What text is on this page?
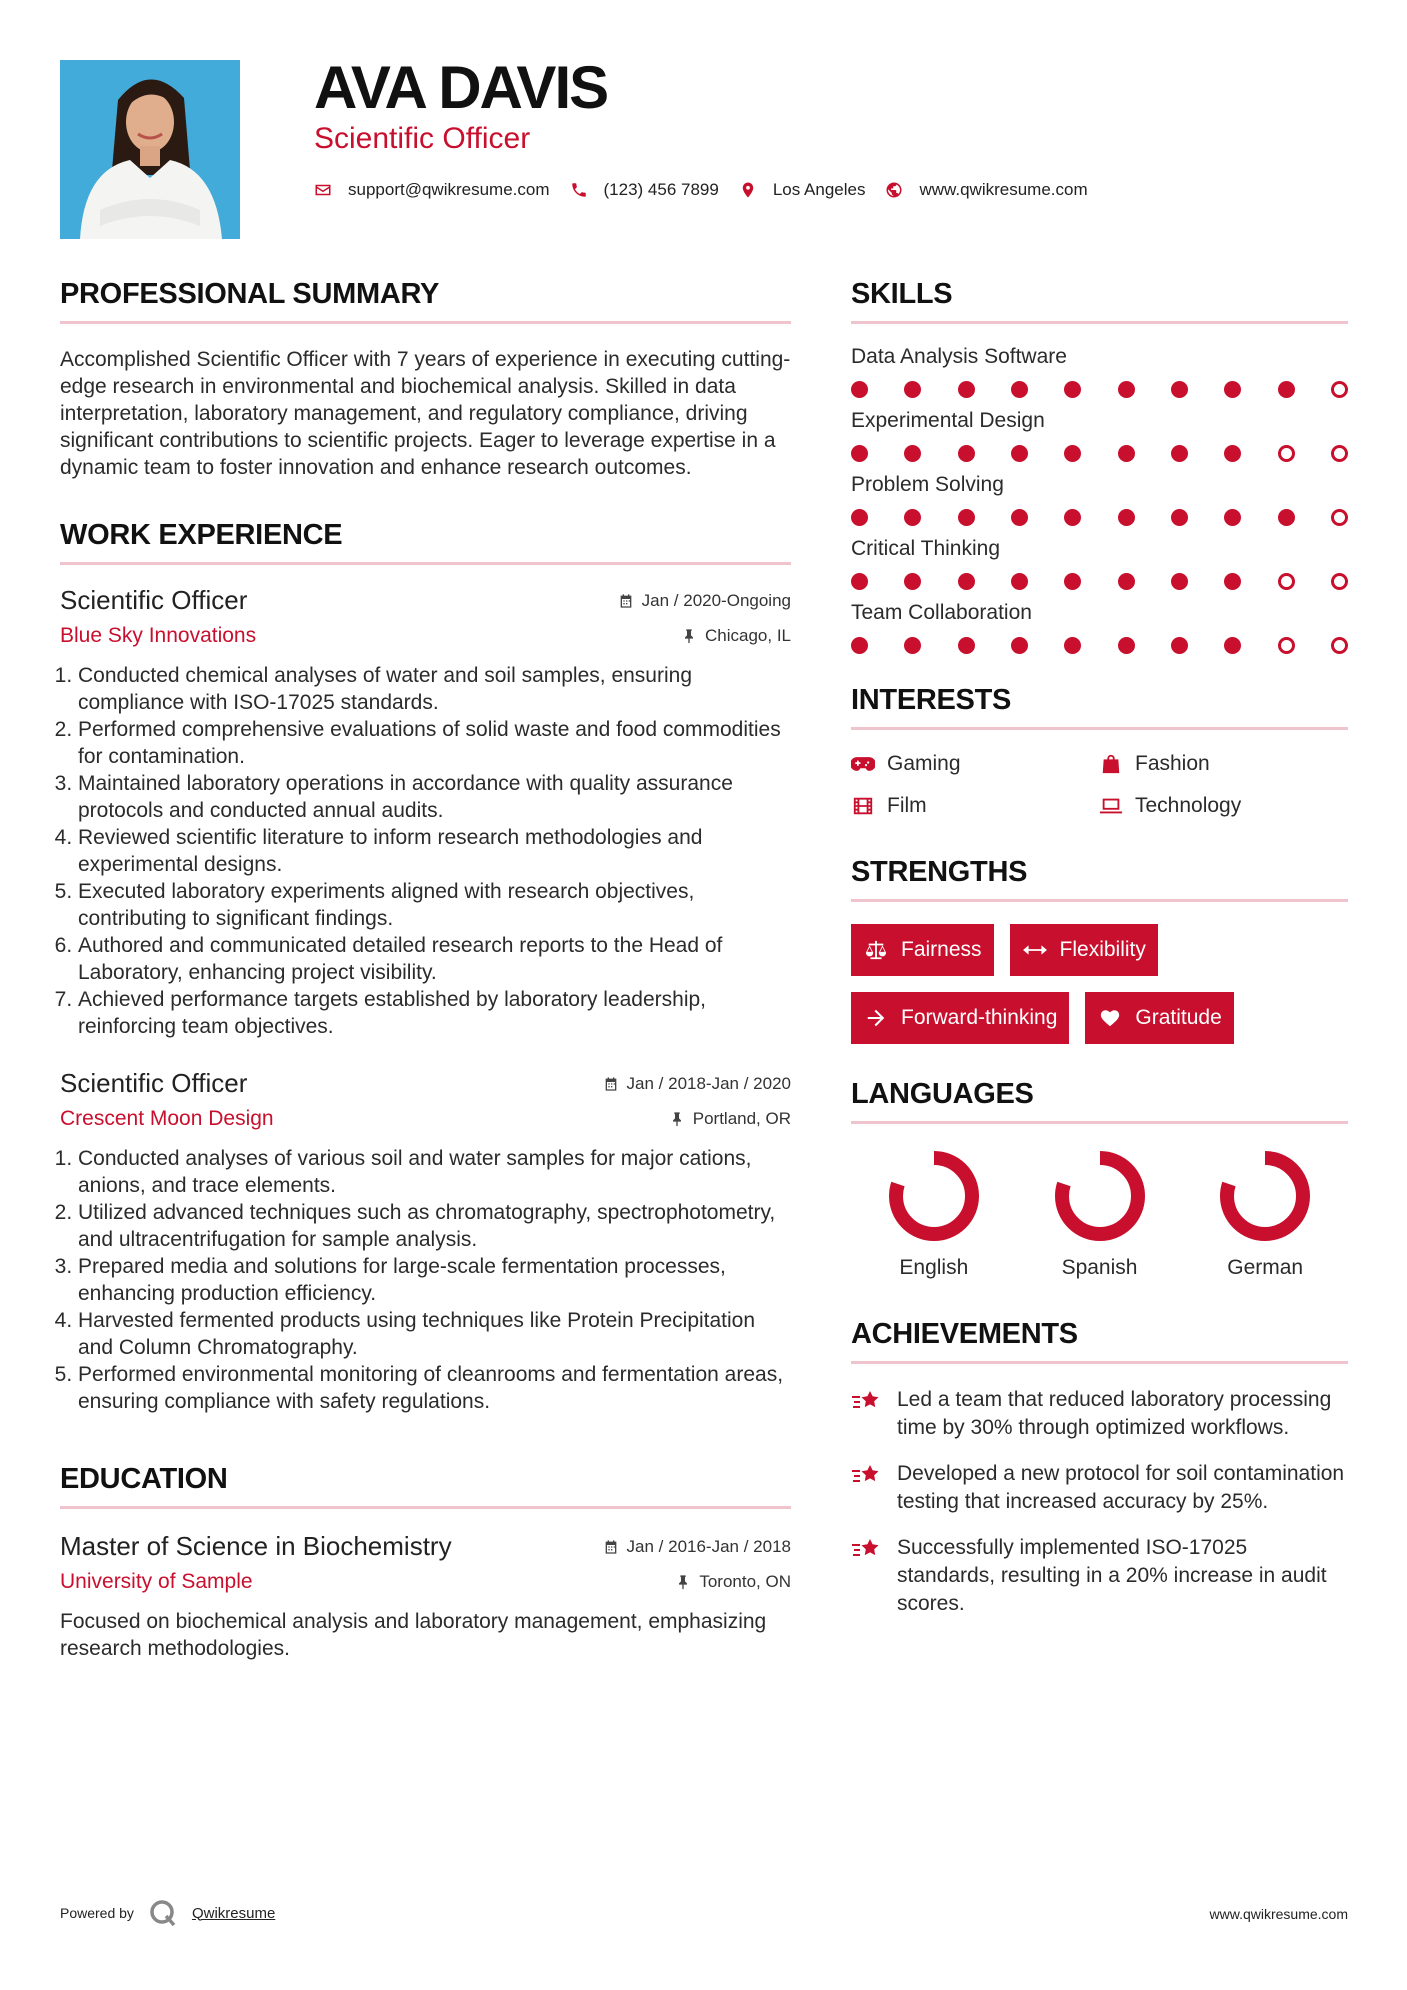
AVA DAVIS
Scientific Officer
support@qwikresume.com	(123) 456 7899	Los Angeles	www.qwikresume.com
PROFESSIONAL SUMMARY

Accomplished Scientific Officer with 7 years of experience in executing cutting-edge research in environmental and biochemical analysis. Skilled in data interpretation, laboratory management, and regulatory compliance, driving significant contributions to scientific projects. Eager to leverage expertise in a dynamic team to foster innovation and enhance research outcomes.

WORK EXPERIENCE
Scientific Officer	Jan / 2020-Ongoing
Blue Sky Innovations	Chicago, IL
1. Conducted chemical analyses of water and soil samples, ensuring compliance with ISO-17025 standards.
2. Performed comprehensive evaluations of solid waste and food commodities for contamination.
3. Maintained laboratory operations in accordance with quality assurance protocols and conducted annual audits.
4. Reviewed scientific literature to inform research methodologies and experimental designs.
5. Executed laboratory experiments aligned with research objectives, contributing to significant findings.
6. Authored and communicated detailed research reports to the Head of Laboratory, enhancing project visibility.
7. Achieved performance targets established by laboratory leadership, reinforcing team objectives.
Scientific Officer	Jan / 2018-Jan / 2020
Crescent Moon Design	Portland, OR
1. Conducted analyses of various soil and water samples for major cations, anions, and trace elements.
2. Utilized advanced techniques such as chromatography, spectrophotometry, and ultracentrifugation for sample analysis.
3. Prepared media and solutions for large-scale fermentation processes, enhancing production efficiency.
4. Harvested fermented products using techniques like Protein Precipitation and Column Chromatography.
5. Performed environmental monitoring of cleanrooms and fermentation areas, ensuring compliance with safety regulations.
EDUCATION
Master of Science in Biochemistry	Jan / 2016-Jan / 2018
University of Sample	Toronto, ON

Focused on biochemical analysis and laboratory management, emphasizing research methodologies.

SKILLS
Data Analysis Software
Experimental Design
Problem Solving
Critical Thinking
Team Collaboration
INTERESTS
Gaming	Fashion
Film	Technology
STRENGTHS
Fairness	Flexibility
Forward-thinking	Gratitude
LANGUAGES
English	Spanish	German
ACHIEVEMENTS
Led a team that reduced laboratory processing time by 30% through optimized workflows.
Developed a new protocol for soil contamination testing that increased accuracy by 25%.
Successfully implemented ISO-17025 standards, resulting in a 20% increase in audit scores.
Powered by	Qwikresume	www.qwikresume.com
